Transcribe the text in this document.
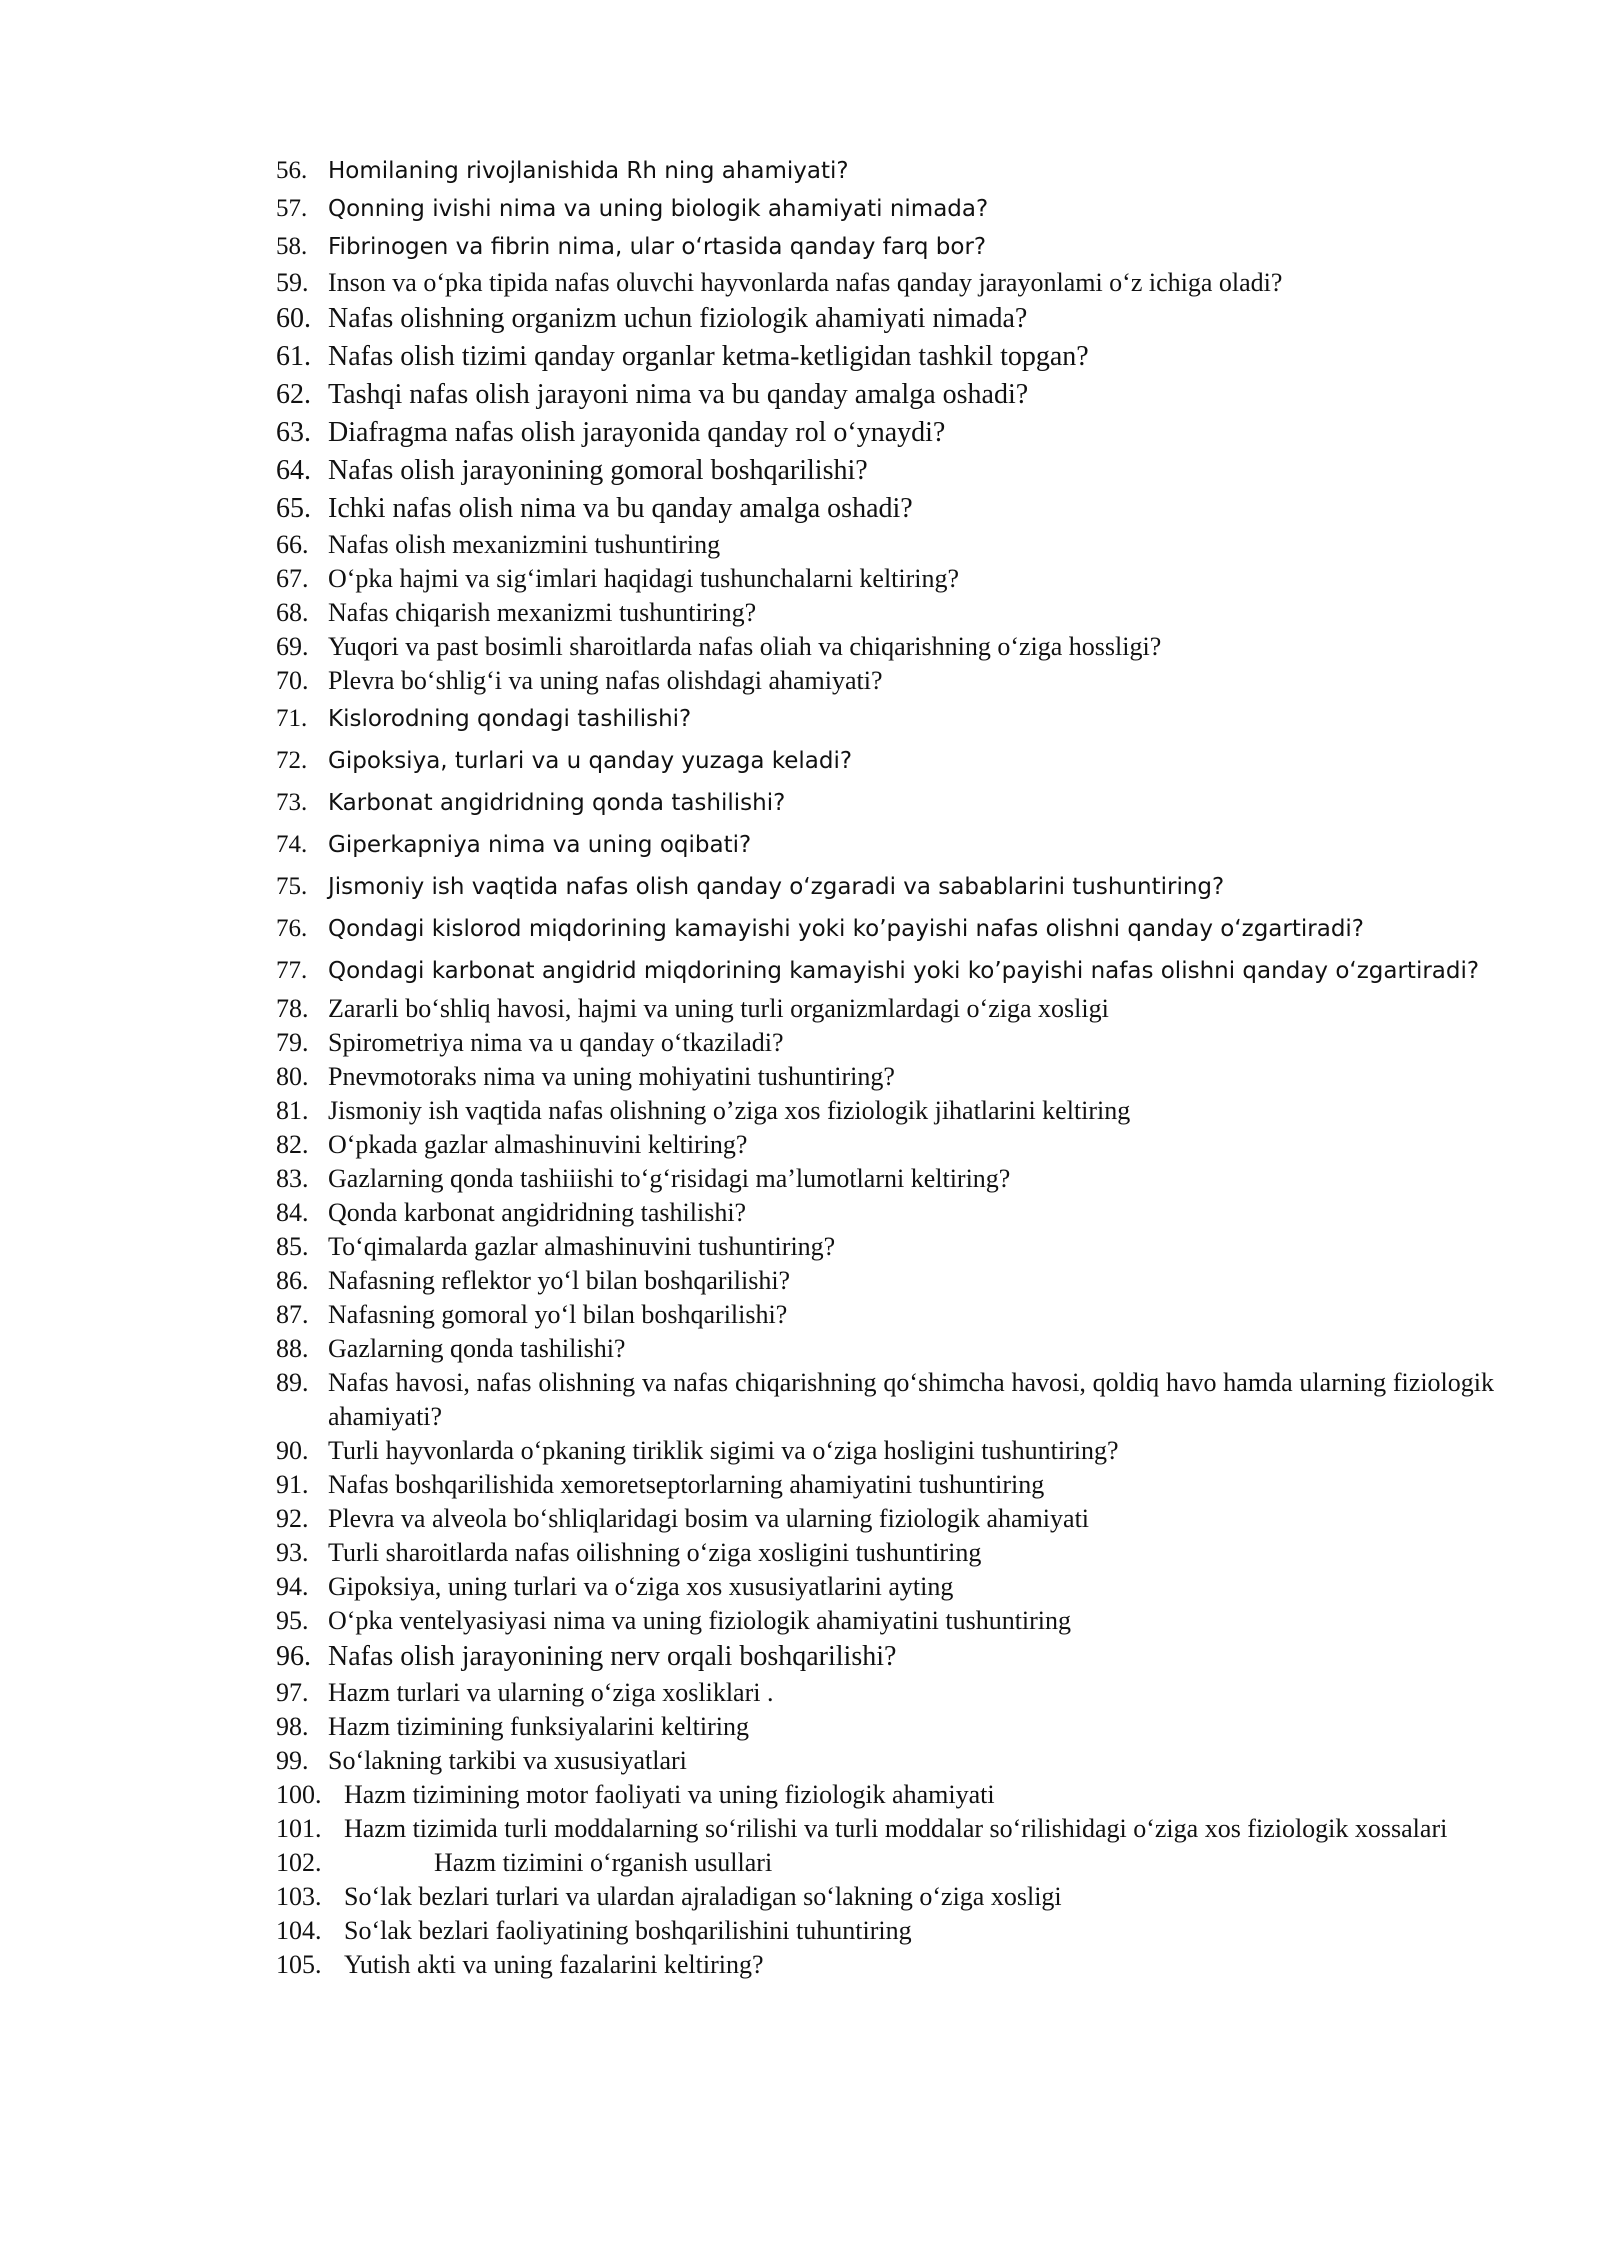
56. Homilaning rivojlanishida Rh ning ahamiyati?
57. Qonning ivishi nima va uning biologik ahamiyati nimada?
58. Fibrinogen va fibrin nima, ular oʻrtasida qanday farq bor?
59. Inson va o‘pka tipida nafas oluvchi hayvonlarda nafas qanday jarayonlami o‘z ichiga oladi?
60. Nafas olishning organizm uchun fiziologik ahamiyati nimada?
61. Nafas olish tizimi qanday organlar ketma-ketligidan tashkil topgan?
62. Tashqi nafas olish jarayoni nima va bu qanday amalga oshadi?
63. Diafragma nafas olish jarayonida qanday rol o‘ynaydi?
64. Nafas olish jarayonining gomoral boshqarilishi?
65. Ichki nafas olish nima va bu qanday amalga oshadi?
66. Nafas olish mexanizmini tushuntiring
67. O‘pka hajmi va sig‘imlari haqidagi tushunchalarni keltiring?
68. Nafas chiqarish mexanizmi tushuntiring?
69. Yuqori va past bosimli sharoitlarda nafas oliah va chiqarishning o‘ziga hossligi?
70. Plevra bo‘shlig‘i va uning nafas olishdagi ahamiyati?
71. Kislorodning qondagi tashilishi?
72. Gipoksiya, turlari va u qanday yuzaga keladi?
73. Karbonat angidridning qonda tashilishi?
74. Giperkapniya nima va uning oqibati?
75. Jismoniy ish vaqtida nafas olish qanday o‘zgaradi va sabablarini tushuntiring?
76. Qondagi kislorod miqdorining kamayishi yoki ko’payishi nafas olishni qanday oʻzgartiradi?
77. Qondagi karbonat angidrid miqdorining kamayishi yoki ko’payishi nafas olishni qanday oʻzgartiradi?
78. Zararli bo‘shliq havosi, hajmi va uning turli organizmlardagi o‘ziga xosligi
79. Spirometriya nima va u qanday o‘tkaziladi?
80. Pnevmotoraks nima va uning mohiyatini tushuntiring?
81. Jismoniy ish vaqtida nafas olishning o’ziga xos fiziologik jihatlarini keltiring
82. O‘pkada gazlar almashinuvini keltiring?
83. Gazlarning qonda tashiiishi to‘g‘risidagi ma’lumotlarni keltiring?
84. Qonda karbonat angidridning tashilishi?
85. To‘qimalarda gazlar almashinuvini tushuntiring?
86. Nafasning reflektor yo‘l bilan boshqarilishi?
87. Nafasning gomoral yo‘l bilan boshqarilishi?
88. Gazlarning qonda tashilishi?
89. Nafas havosi, nafas olishning va nafas chiqarishning qo‘shimcha havosi, qoldiq havo hamda ularning fiziologik ahamiyati?
90. Turli hayvonlarda o‘pkaning tiriklik sigimi va o‘ziga hosligini tushuntiring?
91. Nafas boshqarilishida xemoretseptorlarning ahamiyatini tushuntiring
92. Plevra va alveola bo‘shliqlaridagi bosim va ularning fiziologik ahamiyati
93. Turli sharoitlarda nafas oilishning o‘ziga xosligini tushuntiring
94. Gipoksiya, uning turlari va o‘ziga xos xususiyatlarini ayting
95. O‘pka ventelyasiyasi nima va uning fiziologik ahamiyatini tushuntiring
96. Nafas olish jarayonining nerv orqali boshqarilishi?
97. Hazm turlari va ularning o‘ziga xosliklari .
98. Hazm tizimining funksiyalarini keltiring
99. So‘lakning tarkibi va xususiyatlari
100. Hazm tizimining motor faoliyati va uning fiziologik ahamiyati
101. Hazm tizimida turli moddalarning so‘rilishi va turli moddalar so‘rilishidagi o‘ziga xos fiziologik xossalari
102.	Hazm tizimini o‘rganish usullari
103. So‘lak bezlari turlari va ulardan ajraladigan so‘lakning o‘ziga xosligi
104. So‘lak bezlari faoliyatining boshqarilishini tuhuntiring
105. Yutish akti va uning fazalarini keltiring?
